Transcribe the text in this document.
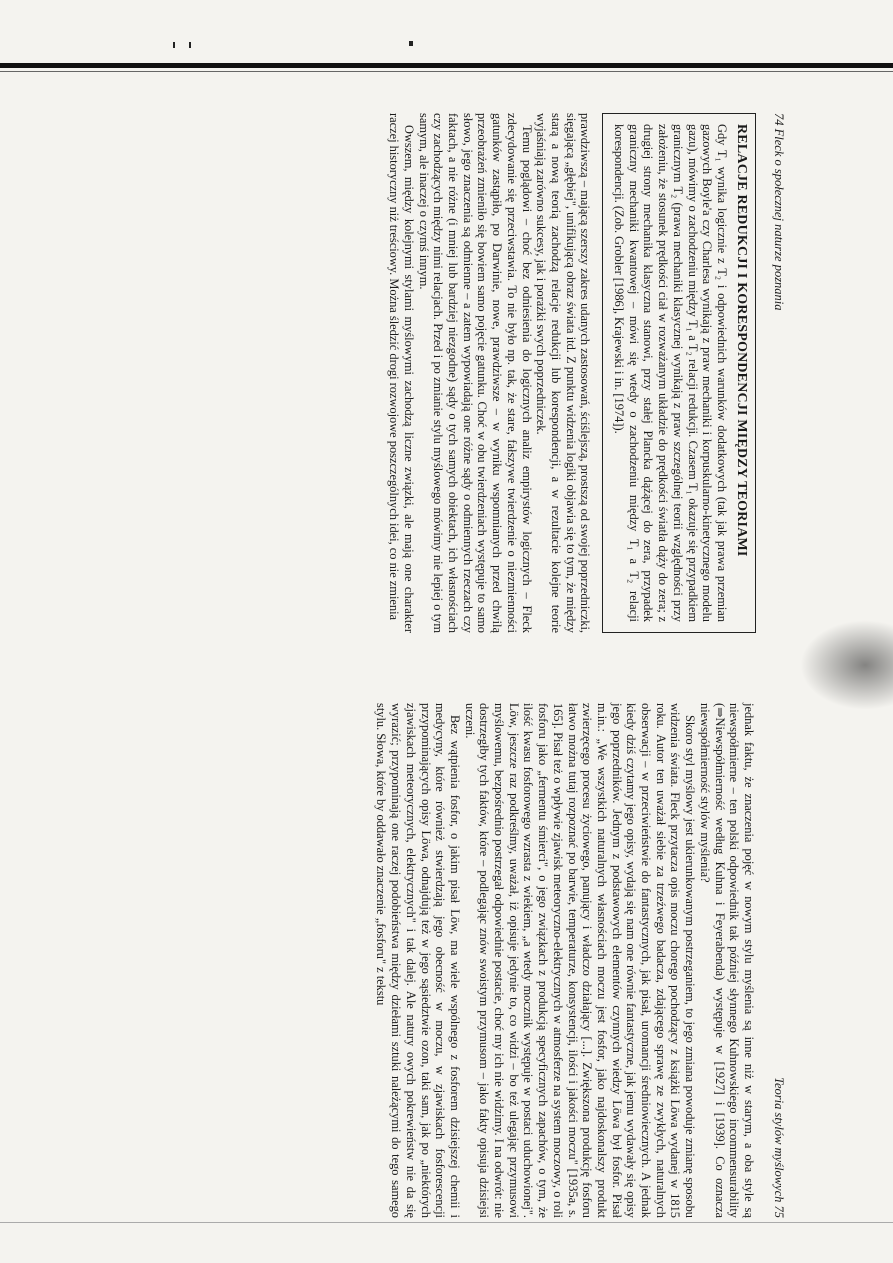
74 Fleck o społecznej naturze poznania
RELACJE REDUKCJI I KORESPONDENCJI MIĘDZY TEORIAMI

Gdy T₁ wynika logicznie z T₂ i odpowiednich warunków dodatkowych (tak jak prawa przemian gazowych Boyle'a czy Charlesa wynikają z praw mechaniki i korpuskularno-kinetycznego modelu gazu), mówimy o zachodzeniu między T₁ a T₂ relacji redukcji. Czasem T₁ okazuje się przypadkiem granicznym T₂ (prawa mechaniki klasycznej wynikają z praw szczególnej teorii względności przy założeniu, że stosunek prędkości ciał w rozważanym układzie do prędkości światła dąży do zera; z drugiej strony mechanika klasyczna stanowi, przy stałej Plancka dążącej do zera, przypadek graniczny mechaniki kwantowej – mówi się wtedy o zachodzeniu między T₁ a T₂ relacji korespondencji. (Zob. Grobler [1986], Krajewski i in. [1974]).

prawdziwszą – mającą szerszy zakres udanych zastosowań, ściślejszą, prostszą od swojej poprzedniczki, sięgającą „głębiej", unifikującą obraz świata itd. Z punktu widzenia logiki objawia się to tym, że między starą a nową teorią zachodzą relacje redukcji lub korespondencji, a w rezultacie kolejne teorie wyjaśniają zarówno sukcesy, jak i porażki swych poprzedniczek.

Temu poglądowi – choć bez odniesienia do logicznych analiz empirystów logicznych – Fleck zdecydowanie się przeciwstawia. To nie było np. tak, że stare, fałszywe twierdzenie o niezmienności gatunków zastąpiło, po Darwinie, nowe, prawdziwsze – w wyniku wspomnianych przed chwilą przeobrażeń zmieniło się bowiem samo pojęcie gatunku. Choć w obu twierdzeniach występuje to samo słowo, jego znaczenia są odmienne – a zatem wypowiadają one różne sądy o odmiennych rzeczach czy faktach, a nie różne (i mniej lub bardziej niezgodne) sądy o tych samych obiektach, ich własnościach czy zachodzących między nimi relacjach. Przed i po zmianie stylu myślowego mówimy nie lepiej o tym samym, ale inaczej o czymś innym.

Owszem, między kolejnymi stylami myślowymi zachodzą liczne związki, ale mają one charakter raczej historyczny niż treściowy. Można śledzić drogi rozwojowe poszczególnych idei, co nie zmienia

Teoria stylów myślowych 75

jednak faktu, że znaczenia pojęć w nowym stylu myślenia są inne niż w starym, a oba style są niewspółmierne – ten polski odpowiednik tak później słynnego Kuhnowskiego incommensurability (⇒Niewspółmierność według Kuhna i Feyerabenda) występuje w [1927] i [1939]. Co oznacza niewspółmierność stylów myślenia?

Skoro styl myślowy jest ukierunkowanym postrzeganiem, to jego zmiana powoduje zmianę sposobu widzenia świata. Fleck przytacza opis moczu chorego pochodzący z książki Löwa wydanej w 1815 roku. Autor ten uważał siebie za trzeźwego badacza, zdającego sprawę ze zwykłych, naturalnych obserwacji – w przeciwieństwie do fantastycznych, jak pisał, uromancji średniowiecznych. A jednak kiedy dziś czytamy jego opisy, wydają się nam one równie fantastyczne, jak jemu wydawały się opisy jego poprzedników. Jednym z podstawowych elementów czynnych wiedzy Löwa był fosfor. Pisał m.in.: „We wszystkich naturalnych własnościach moczu jest fosfor, jako najdoskonalszy produkt zwierzęcego procesu życiowego, panujący i władczo działający [...]. Zwiększona produkcję fosforu łatwo można tutaj rozpoznać po barwie, temperaturze, konsystencji, ilości i jakości moczu" [1935a, s. 165]. Pisał też o wpływie zjawisk meteoryczno-elektrycznych w atmosferze na system moczowy, o roli fosforu jako „fermentu śmierci", o jego związkach z produkcją specyficznych zapachów, o tym, że ilość kwasu fosforowego wzrasta z wiekiem, „a wtedy mocznik występuje w postaci uduchowionej". Löw, jeszcze raz podkreślmy, uważał, iż opisuje jedynie to, co widzi – bo też ulegając przymusowi myślowemu, bezpośrednio postrzegał odpowiednie postacie, choć my ich nie widzimy. I na odwrót: nie dostrzegłby tych faktów, które – podlegając znów swoistym przymusom – jako fakty opisuja dzisiejsi uczeni.

Bez wątpienia fosfor, o jakim pisał Löw, ma wiele wspólnego z fosforem dzisiejszej chemii i medycyny, które również stwierdzają jego obecność w moczu, w zjawiskach fosforescencji przypominających opisy Löwa, odnajdują też w jego sąsiedztwie ozon, taki sam, jak po „niektórych zjawiskach meteorycznych, elektrycznych" i tak dalej. Ale natury owych pokrewieństw nie da się wyrazić; przypominają one raczej podobieństwa między dziełami sztuki należącymi do tego samego stylu. Słowa, które by oddawało znaczenie „fosforu" z tekstu
